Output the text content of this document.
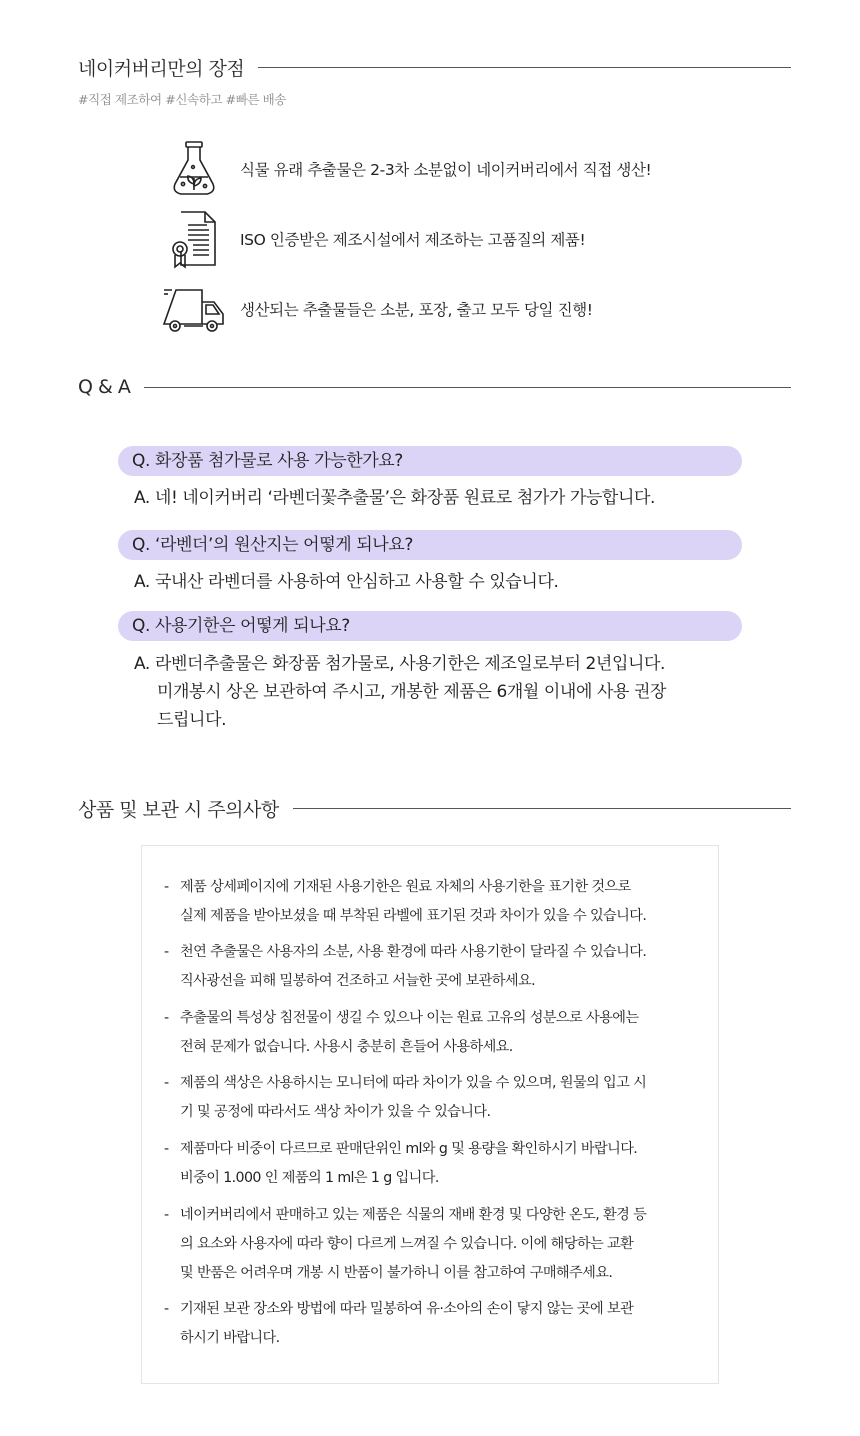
네이커버리만의 장점
#직접 제조하여 #신속하고 #빠른 배송
식물 유래 추출물은 2-3차 소분없이 네이커버리에서 직접 생산!
ISO 인증받은 제조시설에서 제조하는 고품질의 제품!
생산되는 추출물들은 소분, 포장, 출고 모두 당일 진행!
Q & A
Q. 화장품 첨가물로 사용 가능한가요?
A. 네! 네이커버리 ‘라벤더꽃추출물’은 화장품 원료로 첨가가 가능합니다.
Q. ‘라벤더’의 원산지는 어떻게 되나요?
A. 국내산 라벤더를 사용하여 안심하고 사용할 수 있습니다.
Q. 사용기한은 어떻게 되나요?
A. 라벤더추출물은 화장품 첨가물로, 사용기한은 제조일로부터 2년입니다.
미개봉시 상온 보관하여 주시고, 개봉한 제품은 6개월 이내에 사용 권장
드립니다.
상품 및 보관 시 주의사항
- 제품 상세페이지에 기재된 사용기한은 원료 자체의 사용기한을 표기한 것으로
실제 제품을 받아보셨을 때 부착된 라벨에 표기된 것과 차이가 있을 수 있습니다.
- 천연 추출물은 사용자의 소분, 사용 환경에 따라 사용기한이 달라질 수 있습니다.
직사광선을 피해 밀봉하여 건조하고 서늘한 곳에 보관하세요.
- 추출물의 특성상 침전물이 생길 수 있으나 이는 원료 고유의 성분으로 사용에는
전혀 문제가 없습니다. 사용시 충분히 흔들어 사용하세요.
- 제품의 색상은 사용하시는 모니터에 따라 차이가 있을 수 있으며, 원물의 입고 시
기 및 공정에 따라서도 색상 차이가 있을 수 있습니다.
- 제품마다 비중이 다르므로 판매단위인 ml와 g 및 용량을 확인하시기 바랍니다.
비중이 1.000 인 제품의 1 ml은 1 g 입니다.
- 네이커버리에서 판매하고 있는 제품은 식물의 재배 환경 및 다양한 온도, 환경 등
의 요소와 사용자에 따라 향이 다르게 느껴질 수 있습니다. 이에 해당하는 교환
및 반품은 어려우며 개봉 시 반품이 불가하니 이를 참고하여 구매해주세요.
- 기재된 보관 장소와 방법에 따라 밀봉하여 유·소아의 손이 닿지 않는 곳에 보관
하시기 바랍니다.
